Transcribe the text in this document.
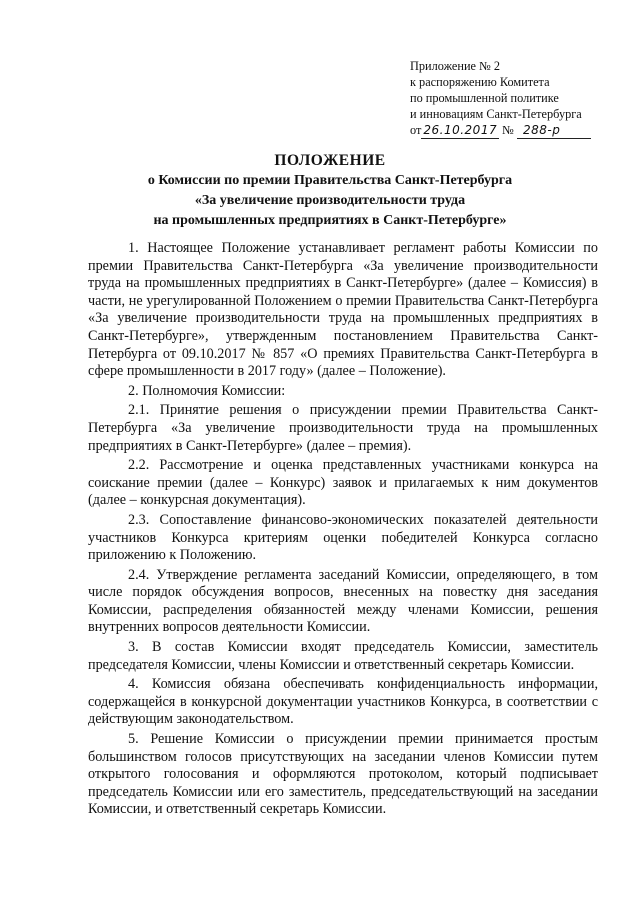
Приложение № 2
к распоряжению Комитета
по промышленной политике
и инновациям Санкт-Петербурга
от 26.10.2017 № 288-р
ПОЛОЖЕНИЕ
о Комиссии по премии Правительства Санкт-Петербурга
«За увеличение производительности труда
на промышленных предприятиях в Санкт-Петербурге»

1. Настоящее Положение устанавливает регламент работы Комиссии по премии Правительства Санкт-Петербурга «За увеличение производительности труда на промышленных предприятиях в Санкт-Петербурге» (далее – Комиссия) в части, не урегулированной Положением о премии Правительства Санкт-Петербурга «За увеличение производительности труда на промышленных предприятиях в Санкт-Петербурге», утвержденным постановлением Правительства Санкт-Петербурга от 09.10.2017 № 857 «О премиях Правительства Санкт-Петербурга в сфере промышленности в 2017 году» (далее – Положение).

2. Полномочия Комиссии:

2.1. Принятие решения о присуждении премии Правительства Санкт-Петербурга «За увеличение производительности труда на промышленных предприятиях в Санкт-Петербурге» (далее – премия).

2.2. Рассмотрение и оценка представленных участниками конкурса на соискание премии (далее – Конкурс) заявок и прилагаемых к ним документов (далее – конкурсная документация).

2.3. Сопоставление финансово-экономических показателей деятельности участников Конкурса критериям оценки победителей Конкурса согласно приложению к Положению.

2.4. Утверждение регламента заседаний Комиссии, определяющего, в том числе порядок обсуждения вопросов, внесенных на повестку дня заседания Комиссии, распределения обязанностей между членами Комиссии, решения внутренних вопросов деятельности Комиссии.

3. В состав Комиссии входят председатель Комиссии, заместитель председателя Комиссии, члены Комиссии и ответственный секретарь Комиссии.

4. Комиссия обязана обеспечивать конфиденциальность информации, содержащейся в конкурсной документации участников Конкурса, в соответствии с действующим законодательством.

5. Решение Комиссии о присуждении премии принимается простым большинством голосов присутствующих на заседании членов Комиссии путем открытого голосования и оформляются протоколом, который подписывает председатель Комиссии или его заместитель, председательствующий на заседании Комиссии, и ответственный секретарь Комиссии.
